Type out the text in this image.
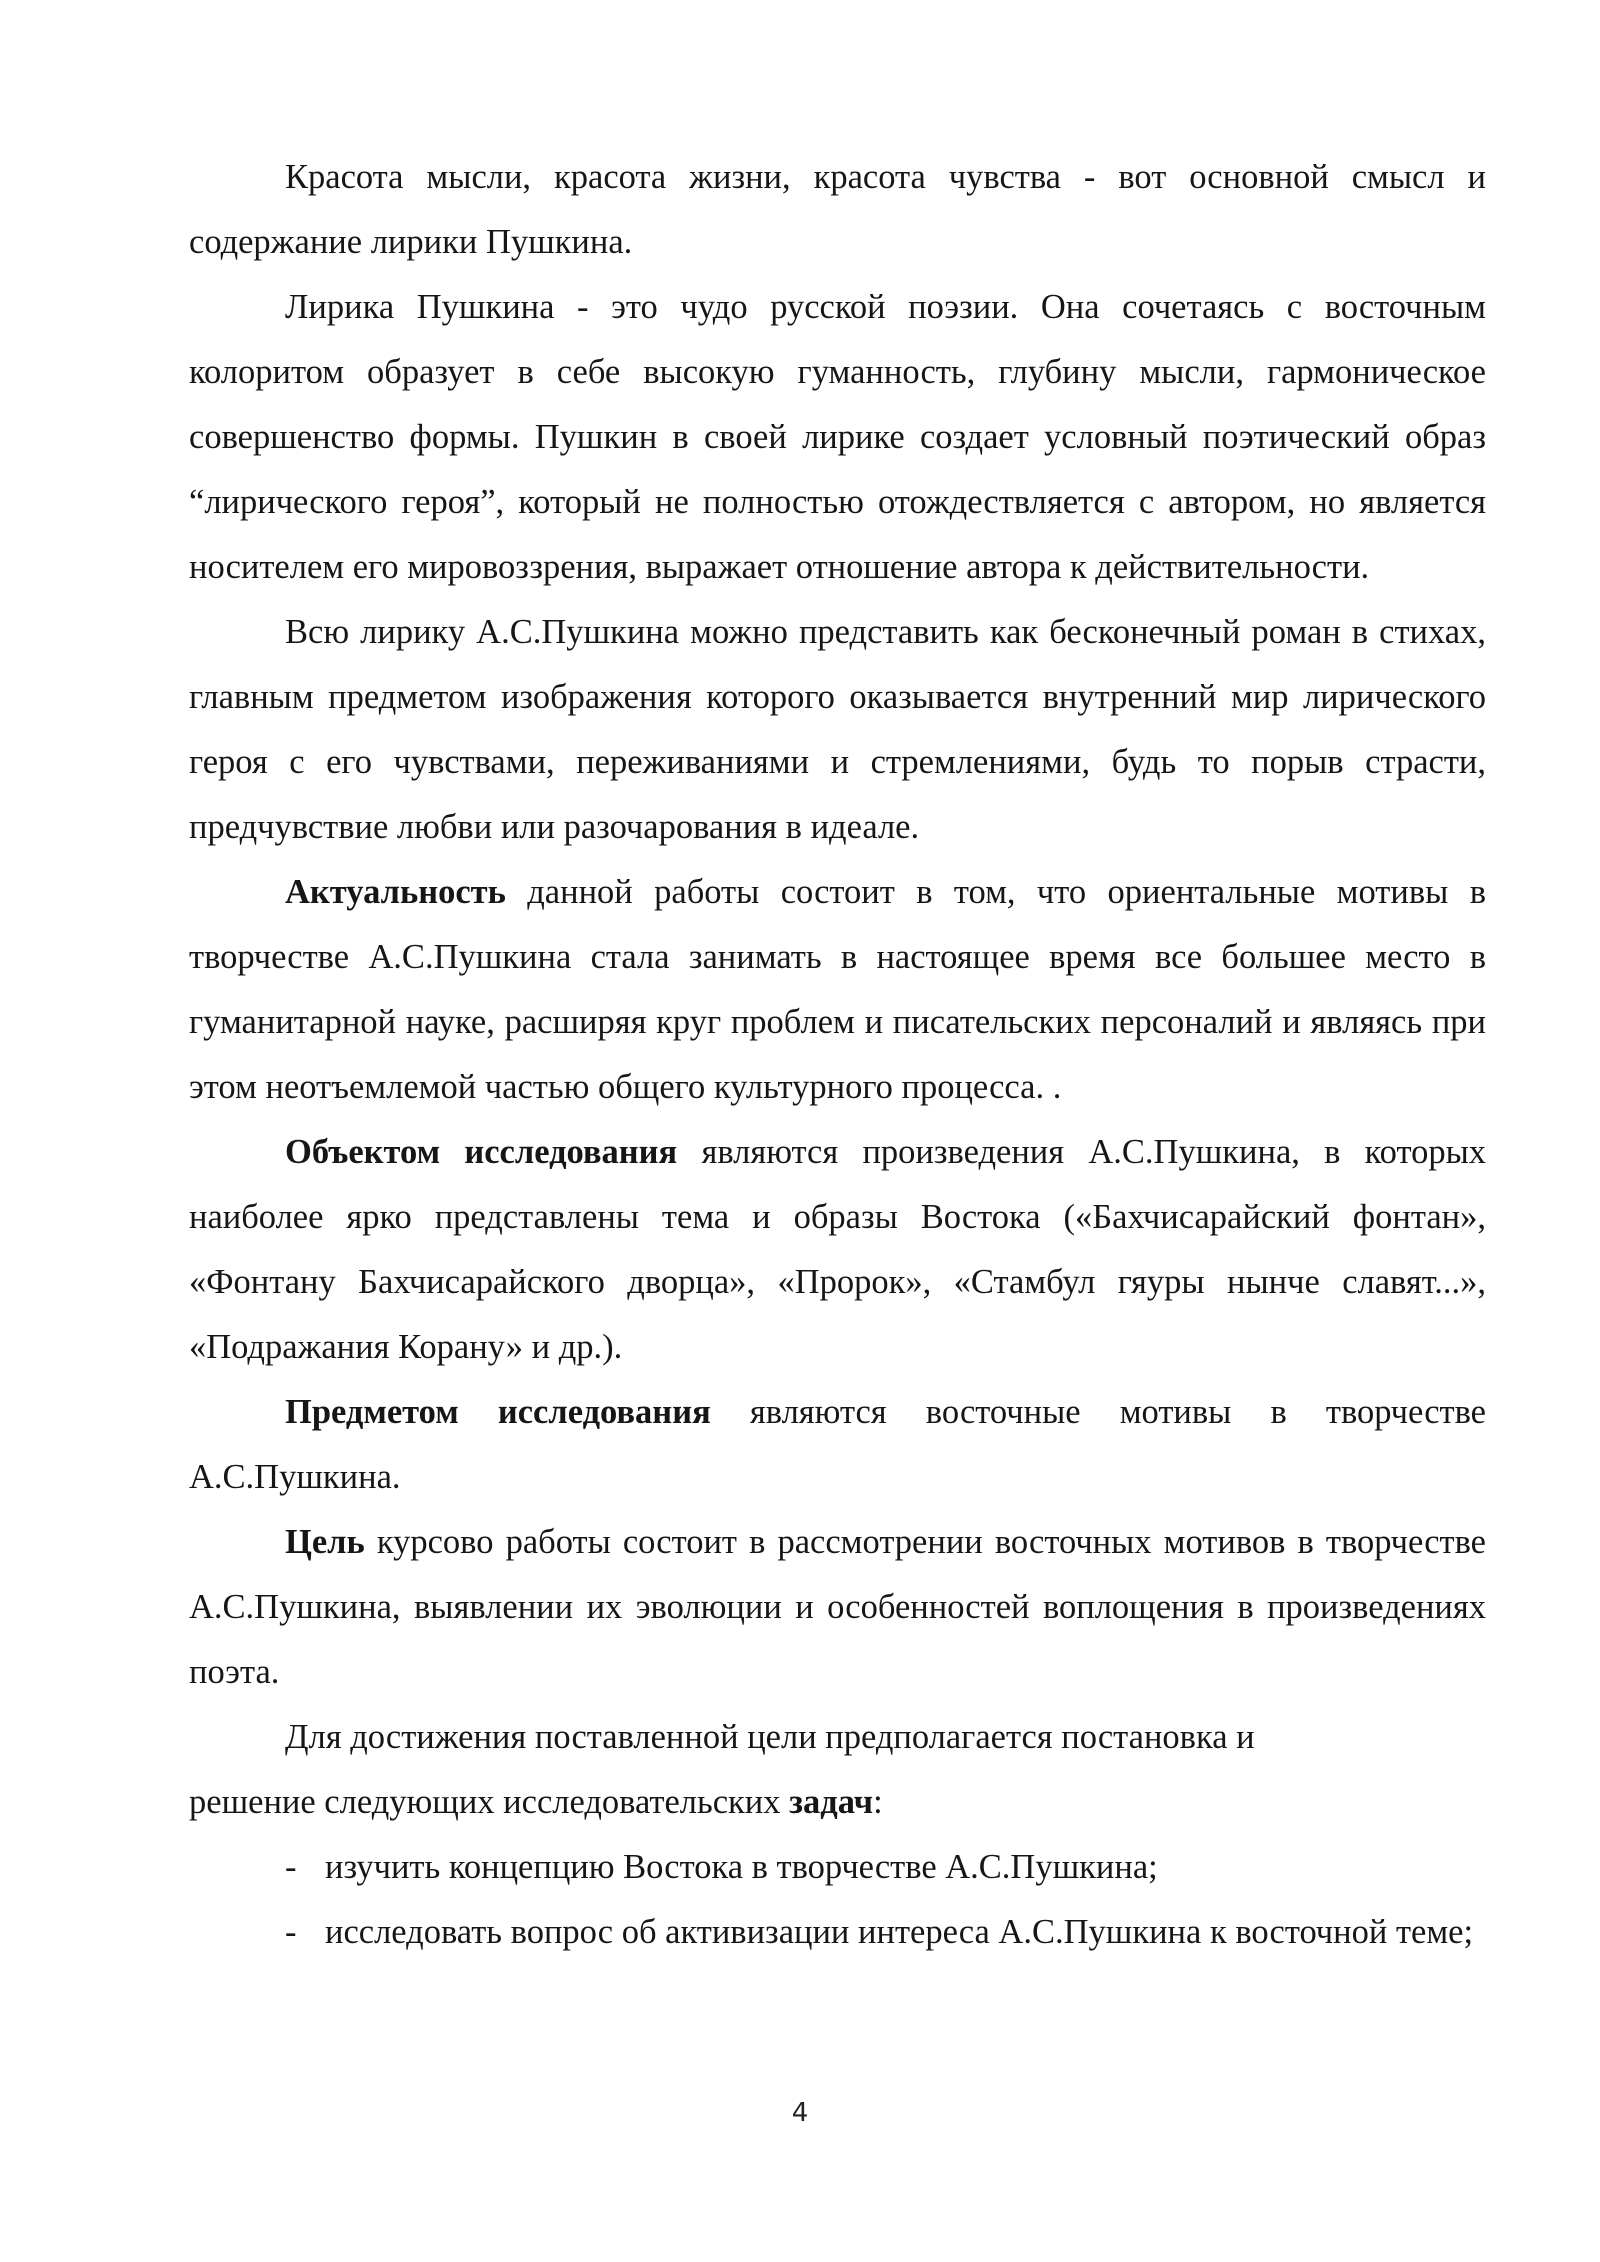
Красота мысли, красота жизни, красота чувства - вот основной смысл и содержание лирики Пушкина.

Лирика Пушкина - это чудо русской поэзии. Она сочетаясь с восточным колоритом образует в себе высокую гуманность, глубину мысли, гармоническое совершенство формы. Пушкин в своей лирике создает условный поэтический образ “лирического героя”, который не полностью отождествляется с автором, но является носителем его мировоззрения, выражает отношение автора к действительности.

Всю лирику А.С.Пушкина можно представить как бесконечный роман в стихах, главным предметом изображения которого оказывается внутренний мир лирического героя с его чувствами, переживаниями и стремлениями, будь то порыв страсти, предчувствие любви или разочарования в идеале.

Актуальность данной работы состоит в том, что ориентальные мотивы в творчестве А.С.Пушкина стала занимать в настоящее время все большее место в гуманитарной науке, расширяя круг проблем и писательских персоналий и являясь при этом неотъемлемой частью общего культурного процесса. .

Объектом исследования являются произведения А.С.Пушкина, в которых наиболее ярко представлены тема и образы Востока («Бахчисарайский фонтан», «Фонтану Бахчисарайского дворца», «Пророк», «Стамбул гяуры нынче славят...», «Подражания Корану» и др.).

Предметом исследования являются восточные мотивы в творчестве А.С.Пушкина.

Цель курсово работы состоит в рассмотрении восточных мотивов в творчестве А.С.Пушкина, выявлении их эволюции и особенностей воплощения в произведениях поэта.

Для достижения поставленной цели предполагается постановка и

решение следующих исследовательских задач:

- изучить концепцию Востока в творчестве А.С.Пушкина;

- исследовать вопрос об активизации интереса А.С.Пушкина к восточной теме;

4
